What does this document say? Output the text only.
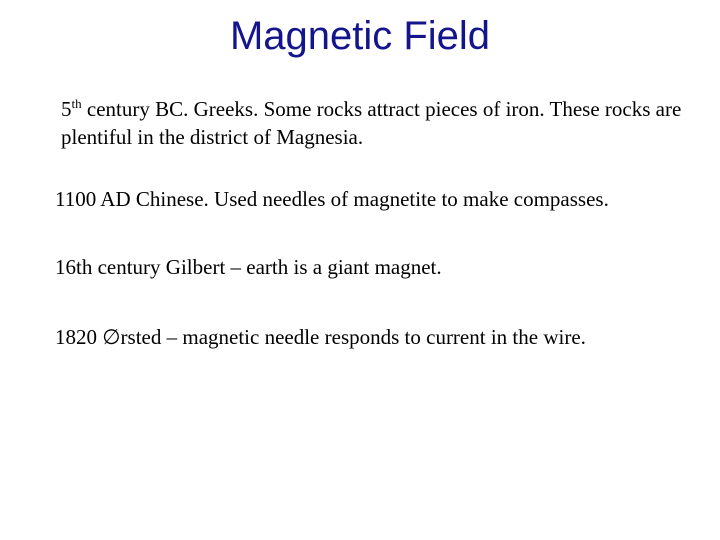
Magnetic Field

5th century BC. Greeks. Some rocks attract pieces of iron. These rocks are plentiful in the district of Magnesia.

1100 AD Chinese. Used needles of magnetite to make compasses.

16th century Gilbert – earth is a giant magnet.

1820 ∅rsted – magnetic needle responds to current in the wire.
